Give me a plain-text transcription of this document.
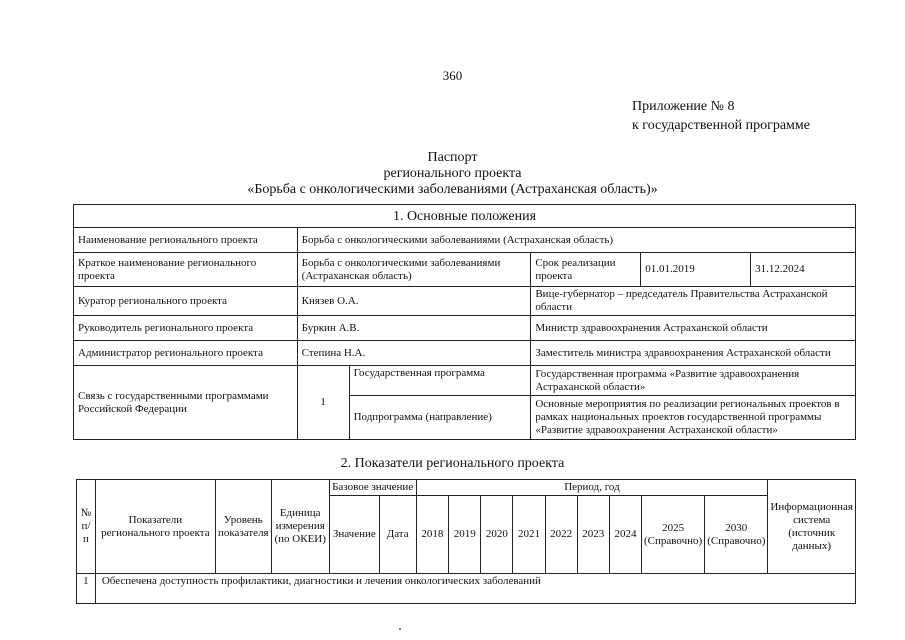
360
Приложение № 8
к государственной программе
Паспорт
регионального проекта
«Борьба с онкологическими заболеваниями (Астраханская область)»
1. Основные положения					
Наименование регионального проекта	Борьба с онкологическими заболеваниями (Астраханская область)				
Краткое наименование регионального проекта	Борьба с онкологическими заболеваниями (Астраханская область)		Срок реализации проекта	01.01.2019	31.12.2024
Куратор регионального проекта	Князев О.А.		Вице-губернатор – председатель Правительства Астраханской области		
Руководитель регионального проекта	Буркин А.В.		Министр здравоохранения Астраханской области		
Администратор регионального проекта	Степина Н.А.		Заместитель министра здравоохранения Астраханской области		
Связь с государственными программами Российской Федерации	1	Государственная программа	Государственная программа «Развитие здравоохранения Астраханской области»		
		Подпрограмма (направление)	Основные мероприятия по реализации региональных проектов в рамках национальных проектов государственной программы «Развитие здравоохранения Астраханской области»		
2. Показатели регионального проекта
№ п/п	Показатели регионального проекта	Уровень показателя	Единица измерения (по ОКЕИ)	Базовое значение		Период, год									Информационная система (источник данных)
				Значение	Дата	2018	2019	2020	2021	2022	2023	2024	2025 (Справочно)	2030 (Справочно)	
1	Обеспечена доступность профилактики, диагностики и лечения онкологических заболеваний														
